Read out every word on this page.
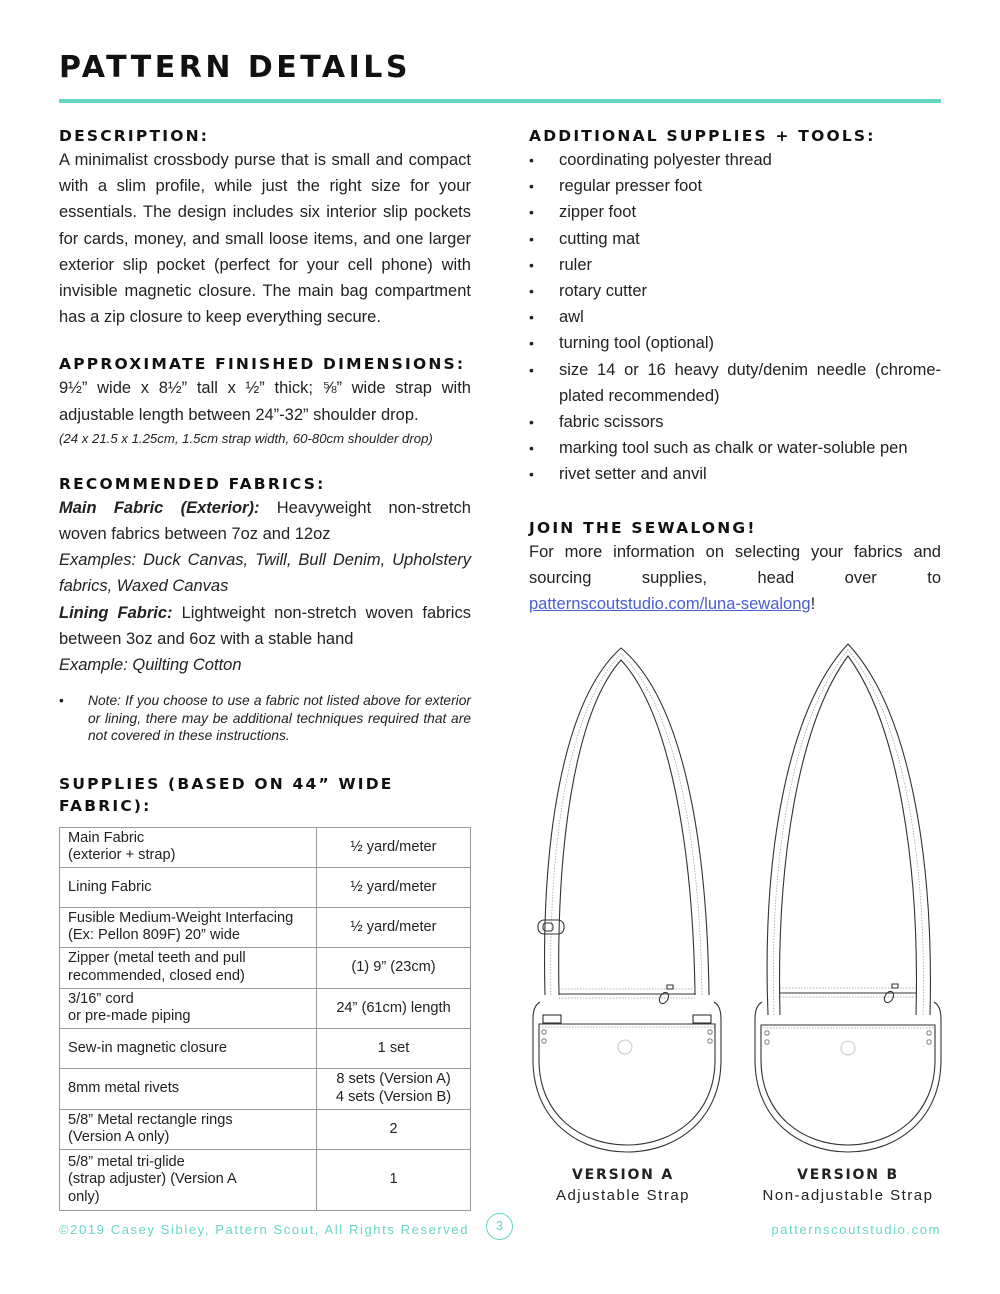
PATTERN DETAILS
DESCRIPTION:
A minimalist crossbody purse that is small and compact with a slim profile, while just the right size for your essentials. The design includes six interior slip pockets for cards, money, and small loose items, and one larger exterior slip pocket (perfect for your cell phone) with invisible magnetic closure. The main bag compartment has a zip closure to keep everything secure.
APPROXIMATE FINISHED DIMENSIONS:
9½” wide x 8½” tall x ½” thick; ⅝” wide strap with adjustable length between 24”-32” shoulder drop.
(24 x 21.5 x 1.25cm, 1.5cm strap width, 60-80cm shoulder drop)
RECOMMENDED FABRICS:
Main Fabric (Exterior): Heavyweight non-stretch woven fabrics between 7oz and 12oz
Examples: Duck Canvas, Twill, Bull Denim, Upholstery fabrics, Waxed Canvas
Lining Fabric: Lightweight non-stretch woven fabrics between 3oz and 6oz with a stable hand
Example: Quilting Cotton
•	Note: If you choose to use a fabric not listed above for exterior or lining, there may be additional techniques required that are not covered in these instructions.
SUPPLIES (BASED ON 44” WIDE FABRIC):
Main Fabric
(exterior + strap)	½ yard/meter

Lining Fabric	½ yard/meter

Fusible Medium-Weight Interfacing
(Ex: Pellon 809F) 20” wide	½ yard/meter

Zipper (metal teeth and pull
recommended, closed end)	(1) 9” (23cm)

3/16” cord
or pre-made piping	24” (61cm) length

Sew-in magnetic closure	1 set

8mm metal rivets	8 sets (Version A)
4 sets (Version B)

5/8” Metal rectangle rings
(Version A only)	2

5/8” metal tri-glide
(strap adjuster) (Version A
only)	1
ADDITIONAL SUPPLIES + TOOLS:
•	coordinating polyester thread
•	regular presser foot
•	zipper foot
•	cutting mat
•	ruler
•	rotary cutter
•	awl
•	turning tool (optional)
•	size 14 or 16 heavy duty/denim needle (chrome-plated recommended)
•	fabric scissors
•	marking tool such as chalk or water-soluble pen
•	rivet setter and anvil
JOIN THE SEWALONG!
For more information on selecting your fabrics and sourcing supplies, head over to patternscoutstudio.com/luna-sewalong!
VERSION A
Adjustable Strap
VERSION B
Non-adjustable Strap
©2019 Casey Sibley, Pattern Scout, All Rights Reserved	3	patternscoutstudio.com
